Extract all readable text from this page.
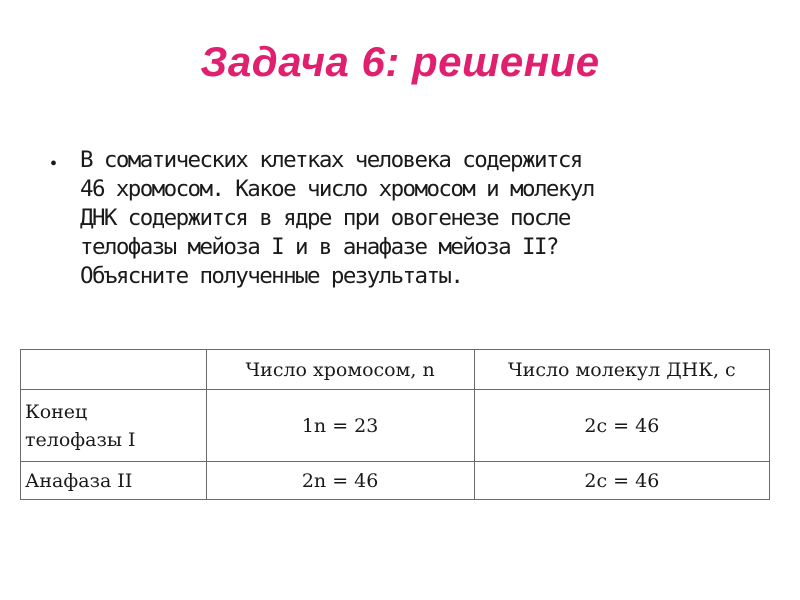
Задача 6: решение
• В соматических клетках человека содержится
46 хромосом. Какое число хромосом и молекул
ДНК содержится в ядре при овогенезе после
телофазы мейоза I и в анафазе мейоза II?
Объясните полученные результаты.
	Число хромосом, n	Число молекул ДНК, с

Конец
телофазы I	1n = 23	2c = 46

Анафаза II	2n = 46	2c = 46
